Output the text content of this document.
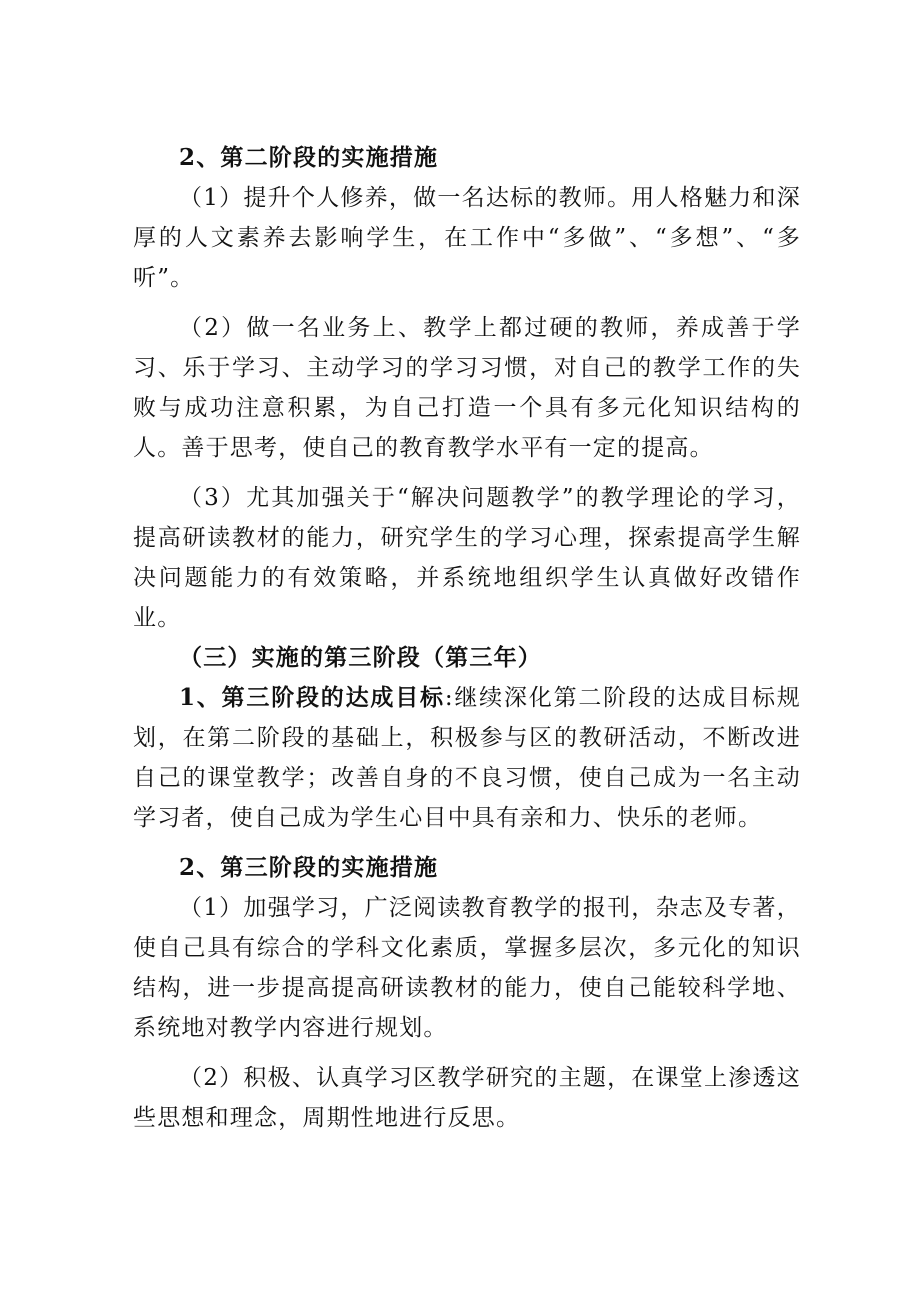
2、第二阶段的实施措施

（1）提升个人修养，做一名达标的教师。用人格魅力和深厚的人文素养去影响学生，在工作中“多做”、“多想”、“多听”。

（2）做一名业务上、教学上都过硬的教师，养成善于学习、乐于学习、主动学习的学习习惯，对自己的教学工作的失败与成功注意积累，为自己打造一个具有多元化知识结构的人。善于思考，使自己的教育教学水平有一定的提高。

（3）尤其加强关于“解决问题教学”的教学理论的学习，提高研读教材的能力，研究学生的学习心理，探索提高学生解决问题能力的有效策略，并系统地组织学生认真做好改错作业。

（三）实施的第三阶段（第三年）

1、第三阶段的达成目标:继续深化第二阶段的达成目标规划，在第二阶段的基础上，积极参与区的教研活动，不断改进自己的课堂教学；改善自身的不良习惯，使自己成为一名主动学习者，使自己成为学生心目中具有亲和力、快乐的老师。

2、第三阶段的实施措施

（1）加强学习，广泛阅读教育教学的报刊，杂志及专著，使自己具有综合的学科文化素质，掌握多层次，多元化的知识结构，进一步提高提高研读教材的能力，使自己能较科学地、系统地对教学内容进行规划。

（2）积极、认真学习区教学研究的主题，在课堂上渗透这些思想和理念，周期性地进行反思。
